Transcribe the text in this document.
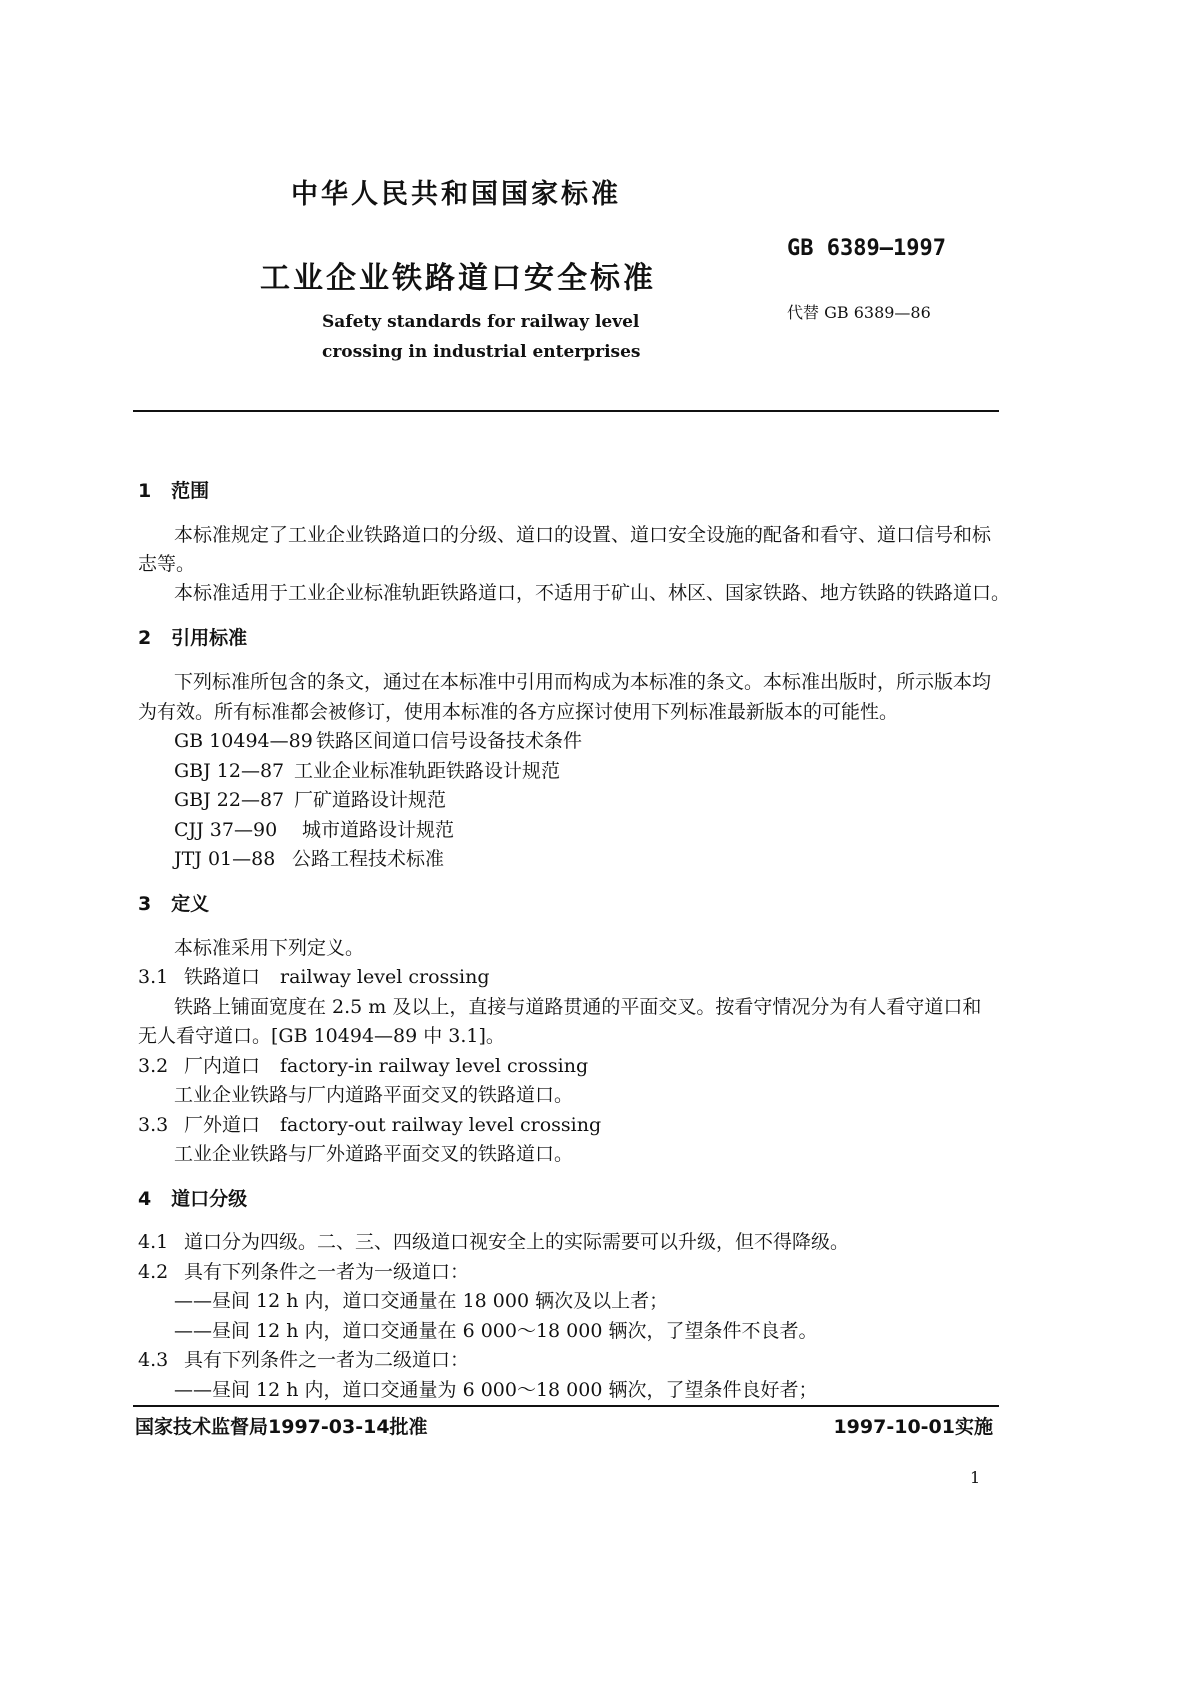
中华人民共和国国家标准
工业企业铁路道口安全标准
Safety standards for railway level
crossing in industrial enterprises
GB 6389—1997
代替 GB 6389—86
1 范围
本标准规定了工业企业铁路道口的分级、道口的设置、道口安全设施的配备和看守、道口信号和标
志等。
本标准适用于工业企业标准轨距铁路道口，不适用于矿山、林区、国家铁路、地方铁路的铁路道口。
2 引用标准
下列标准所包含的条文，通过在本标准中引用而构成为本标准的条文。本标准出版时，所示版本均
为有效。所有标准都会被修订，使用本标准的各方应探讨使用下列标准最新版本的可能性。
GB 10494—89 铁路区间道口信号设备技术条件
GBJ 12—87 工业企业标准轨距铁路设计规范
GBJ 22—87 厂矿道路设计规范
CJJ 37—90 城市道路设计规范
JTJ 01—88 公路工程技术标准
3 定义
本标准采用下列定义。
3.1 铁路道口 railway level crossing
铁路上铺面宽度在 2.5 m 及以上，直接与道路贯通的平面交叉。按看守情况分为有人看守道口和
无人看守道口。[GB 10494—89 中 3.1]。
3.2 厂内道口 factory-in railway level crossing
工业企业铁路与厂内道路平面交叉的铁路道口。
3.3 厂外道口 factory-out railway level crossing
工业企业铁路与厂外道路平面交叉的铁路道口。
4 道口分级
4.1 道口分为四级。二、三、四级道口视安全上的实际需要可以升级，但不得降级。
4.2 具有下列条件之一者为一级道口：
——昼间 12 h 内，道口交通量在 18 000 辆次及以上者；
——昼间 12 h 内，道口交通量在 6 000～18 000 辆次，了望条件不良者。
4.3 具有下列条件之一者为二级道口：
——昼间 12 h 内，道口交通量为 6 000～18 000 辆次，了望条件良好者；
国家技术监督局1997-03-14批准	1997-10-01实施
1
